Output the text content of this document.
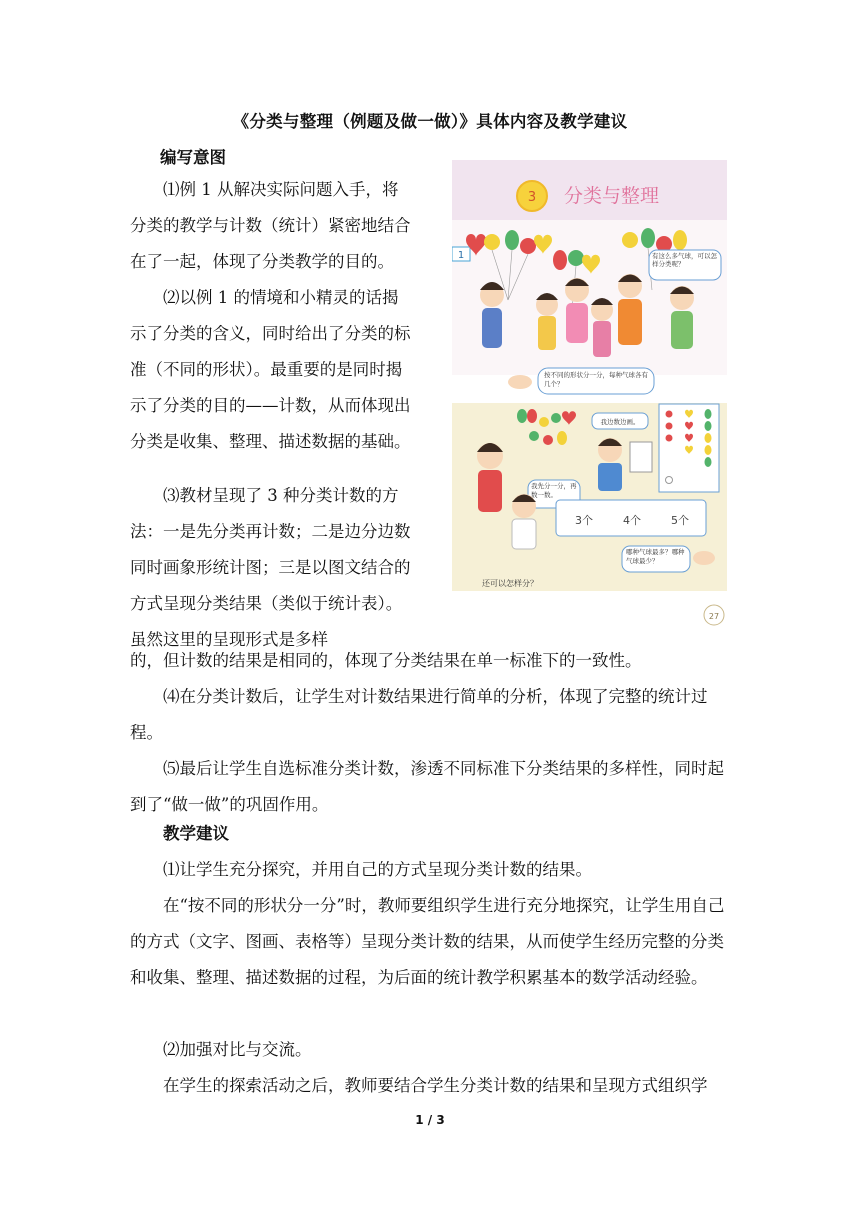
《分类与整理（例题及做一做）》具体内容及教学建议

编写意图

⑴例 1 从解决实际问题入手，将分类的教学与计数（统计）紧密地结合在了一起，体现了分类教学的目的。

⑵以例 1 的情境和小精灵的话揭示了分类的含义，同时给出了分类的标准（不同的形状）。最重要的是同时揭示了分类的目的——计数，从而体现出分类是收集、整理、描述数据的基础。

⑶教材呈现了 3 种分类计数的方法：一是先分类再计数；二是边分边数同时画象形统计图；三是以图文结合的方式呈现分类结果（类似于统计表）。虽然这里的呈现形式是多样

的，但计数的结果是相同的，体现了分类结果在单一标准下的一致性。

⑷在分类计数后，让学生对计数结果进行简单的分析，体现了完整的统计过程。

⑸最后让学生自选标准分类计数，渗透不同标准下分类结果的多样性，同时起到了“做一做”的巩固作用。

教学建议

⑴让学生充分探究，并用自己的方式呈现分类计数的结果。

在“按不同的形状分一分”时，教师要组织学生进行充分地探究，让学生用自己的方式（文字、图画、表格等）呈现分类计数的结果，从而使学生经历完整的分类和收集、整理、描述数据的过程，为后面的统计教学积累基本的数学活动经验。

⑵加强对比与交流。

在学生的探索活动之后，教师要结合学生分类计数的结果和呈现方式组织学

3 分类与整理
1	有这么多气球，可以怎样分类呢？
按不同的形状分一分，每种气球各有几个？
我先分一分，再数一数。
我边数边画。
3个	4个	5个
哪种气球最多？哪种气球最少？
还可以怎样分？
27
1 / 3
